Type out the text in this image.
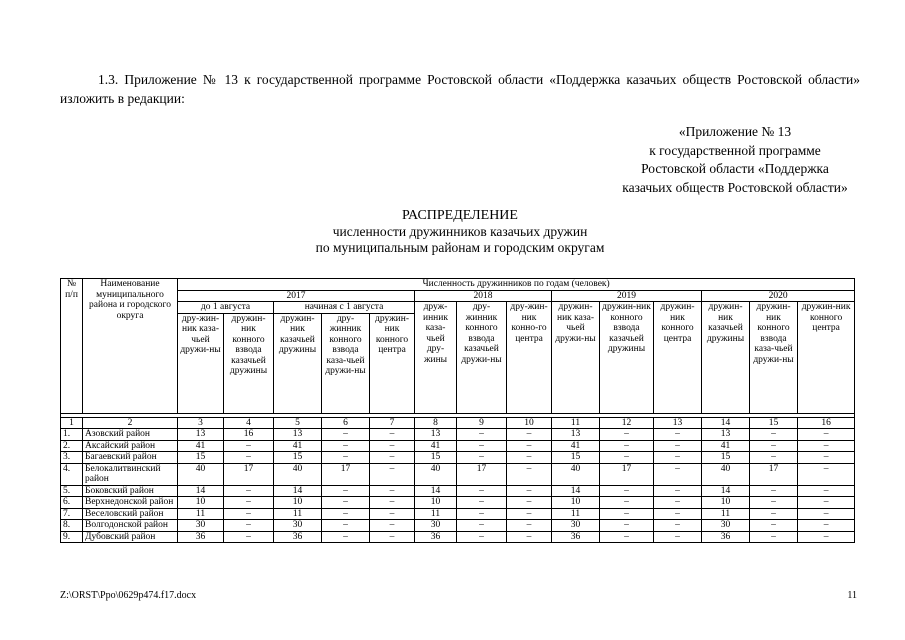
1.3. Приложение № 13 к государственной программе Ростовской области «Поддержка казачьих обществ Ростовской области» изложить в редакции:
«Приложение № 13
к государственной программе
Ростовской области «Поддержка
казачьих обществ Ростовской области»
РАСПРЕДЕЛЕНИЕ
численности дружинников казачьих дружин
по муниципальным районам и городским округам
№ п/п	Наименование муниципального района и городского округа	Численность дружинников по годам (человек)													
		2017					2018			2019			2020		
		до 1 августа		начиная с 1 августа			друж-инник каза-чьей дру-жины	дру-жинник конного взвода казачьей дружи-ны	дру-жин-ник конно-го центра	дружин-ник каза-чьей дружи-ны	дружин-ник конного взвода казачьей дружины	дружин-ник конного центра	дружин-ник казачьей дружины	дружин-ник конного взвода каза-чьей дружи-ны	дружин-ник конного центра
		дру-жин-ник каза-чьей дружи-ны	дружин-ник конного взвода казачьей дружины	дружин-ник казачьей дружины	дру-жинник конного взвода каза-чьей дружи-ны	дружин-ник конного центра									

1	2	3	4	5	6	7	8	9	10	11	12	13	14	15	16
1.	Азовский район	13	16	13	–	–	13	–	–	13	–	–	13	–	–
2.	Аксайский район	41	–	41	–	–	41	–	–	41	–	–	41	–	–
3.	Багаевский район	15	–	15	–	–	15	–	–	15	–	–	15	–	–
4.	Белокалитвинский район	40	17	40	17	–	40	17	–	40	17	–	40	17	–
5.	Боковский район	14	–	14	–	–	14	–	–	14	–	–	14	–	–
6.	Верхнедонской район	10	–	10	–	–	10	–	–	10	–	–	10	–	–
7.	Веселовский район	11	–	11	–	–	11	–	–	11	–	–	11	–	–
8.	Волгодонской район	30	–	30	–	–	30	–	–	30	–	–	30	–	–
9.	Дубовский район	36	–	36	–	–	36	–	–	36	–	–	36	–	–
Z:\ORST\Ppo\0629p474.f17.docx	11
